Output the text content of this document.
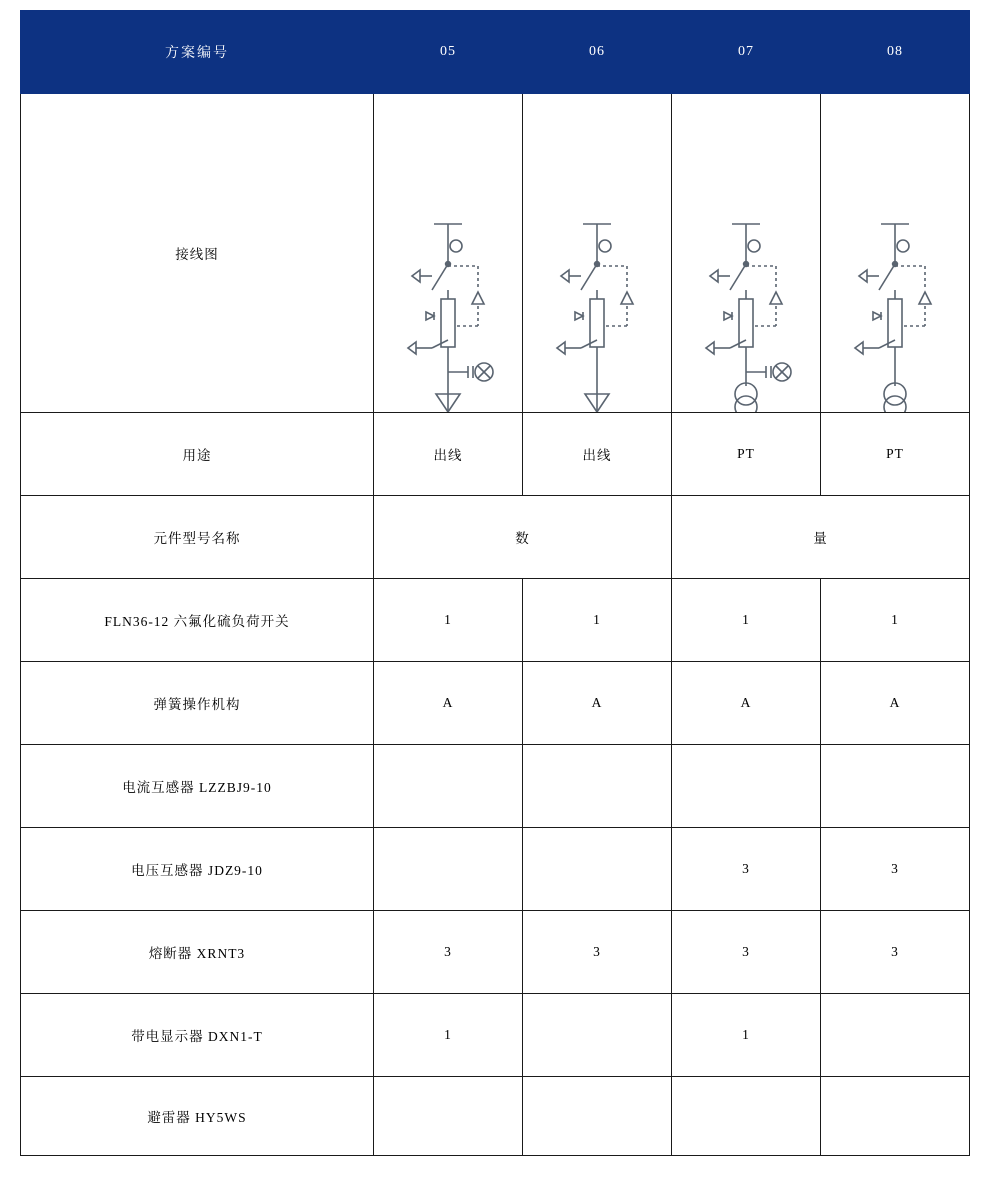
方案编号	05	06	07	08
接线图	

用途	出线	出线	PT	PT
元件型号名称	数		量	
FLN36-12 六氟化硫负荷开关	1	1	1	1
弹簧操作机构	A	A	A	A
电流互感器 LZZBJ9-10				
电压互感器 JDZ9-10			3	3
熔断器 XRNT3	3	3	3	3
带电显示器 DXN1-T	1		1	
避雷器 HY5WS				
